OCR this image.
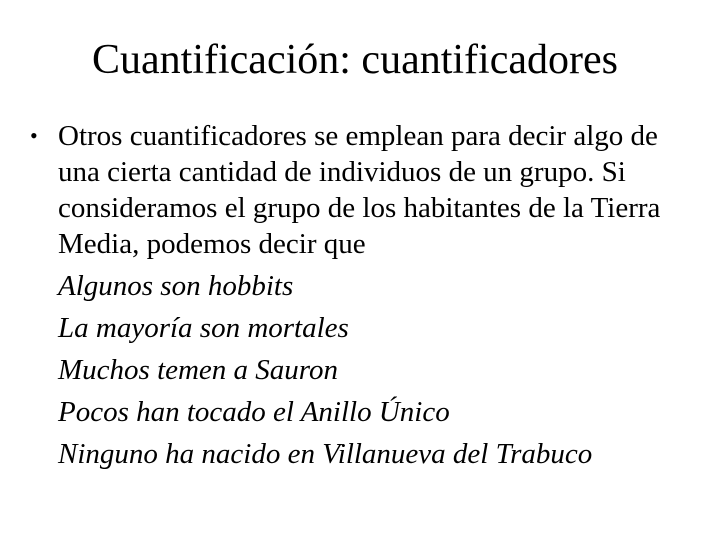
Cuantificación: cuantificadores
• Otros cuantificadores se emplean para decir algo de una cierta cantidad de individuos de un grupo. Si consideramos el grupo de los habitantes de la Tierra Media, podemos decir que
Algunos son hobbits
La mayoría son mortales
Muchos temen a Sauron
Pocos han tocado el Anillo Único
Ninguno ha nacido en Villanueva del Trabuco
